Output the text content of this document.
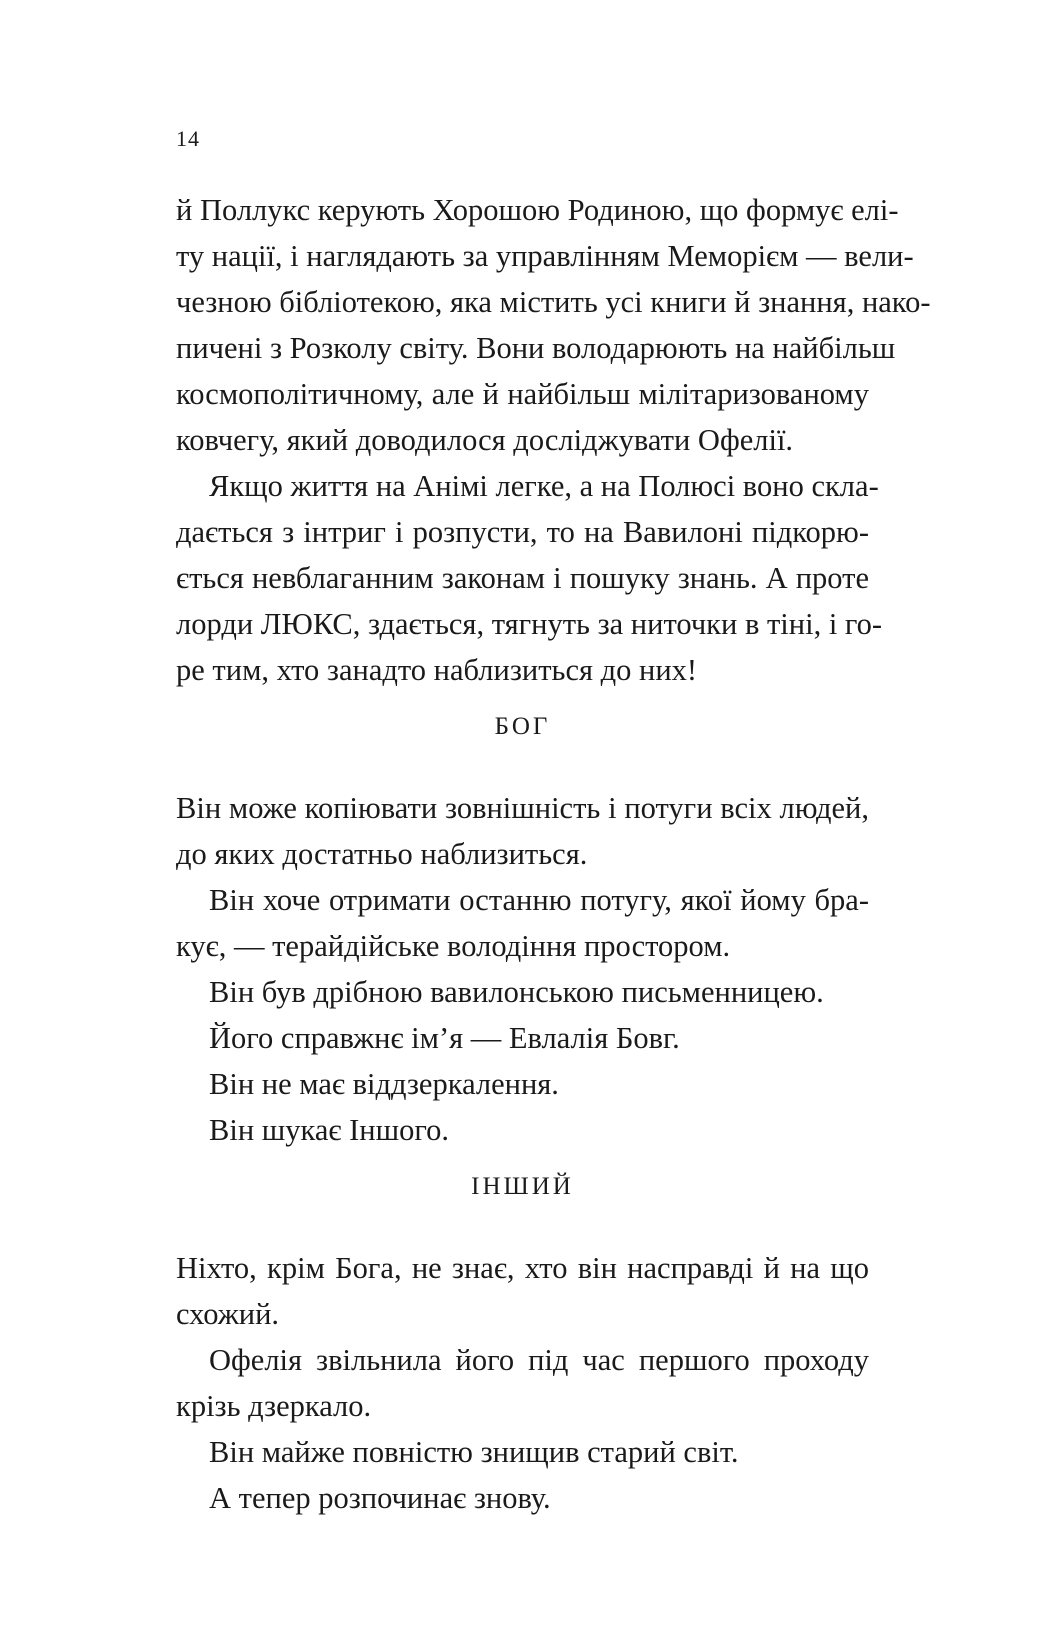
14
й Поллукс керують Хорошою Родиною, що формує елі-
ту нації, і наглядають за управлінням Меморієм — вели-
чезною бібліотекою, яка містить усі книги й знання, нако-
пичені з Розколу світу. Вони володарюють на найбільш
космополітичному, але й найбільш мілітаризованому
ковчегу, який доводилося досліджувати Офелії.
Якщо життя на Анімі легке, а на Полюсі воно скла-
дається з інтриг і розпусти, то на Вавилоні підкорю-
ється невблаганним законам і пошуку знань. А проте
лорди ЛЮКС, здається, тягнуть за ниточки в тіні, і го-
ре тим, хто занадто наблизиться до них!
БОГ
Він може копіювати зовнішність і потуги всіх людей,
до яких достатньо наблизиться.
Він хоче отримати останню потугу, якої йому бра-
кує, — терайдійське володіння простором.
Він був дрібною вавилонською письменницею.
Його справжнє ім’я — Евлалія Бовг.
Він не має віддзеркалення.
Він шукає Іншого.
ІНШИЙ
Ніхто, крім Бога, не знає, хто він насправді й на що
схожий.
Офелія звільнила його під час першого проходу
крізь дзеркало.
Він майже повністю знищив старий світ.
А тепер розпочинає знову.
